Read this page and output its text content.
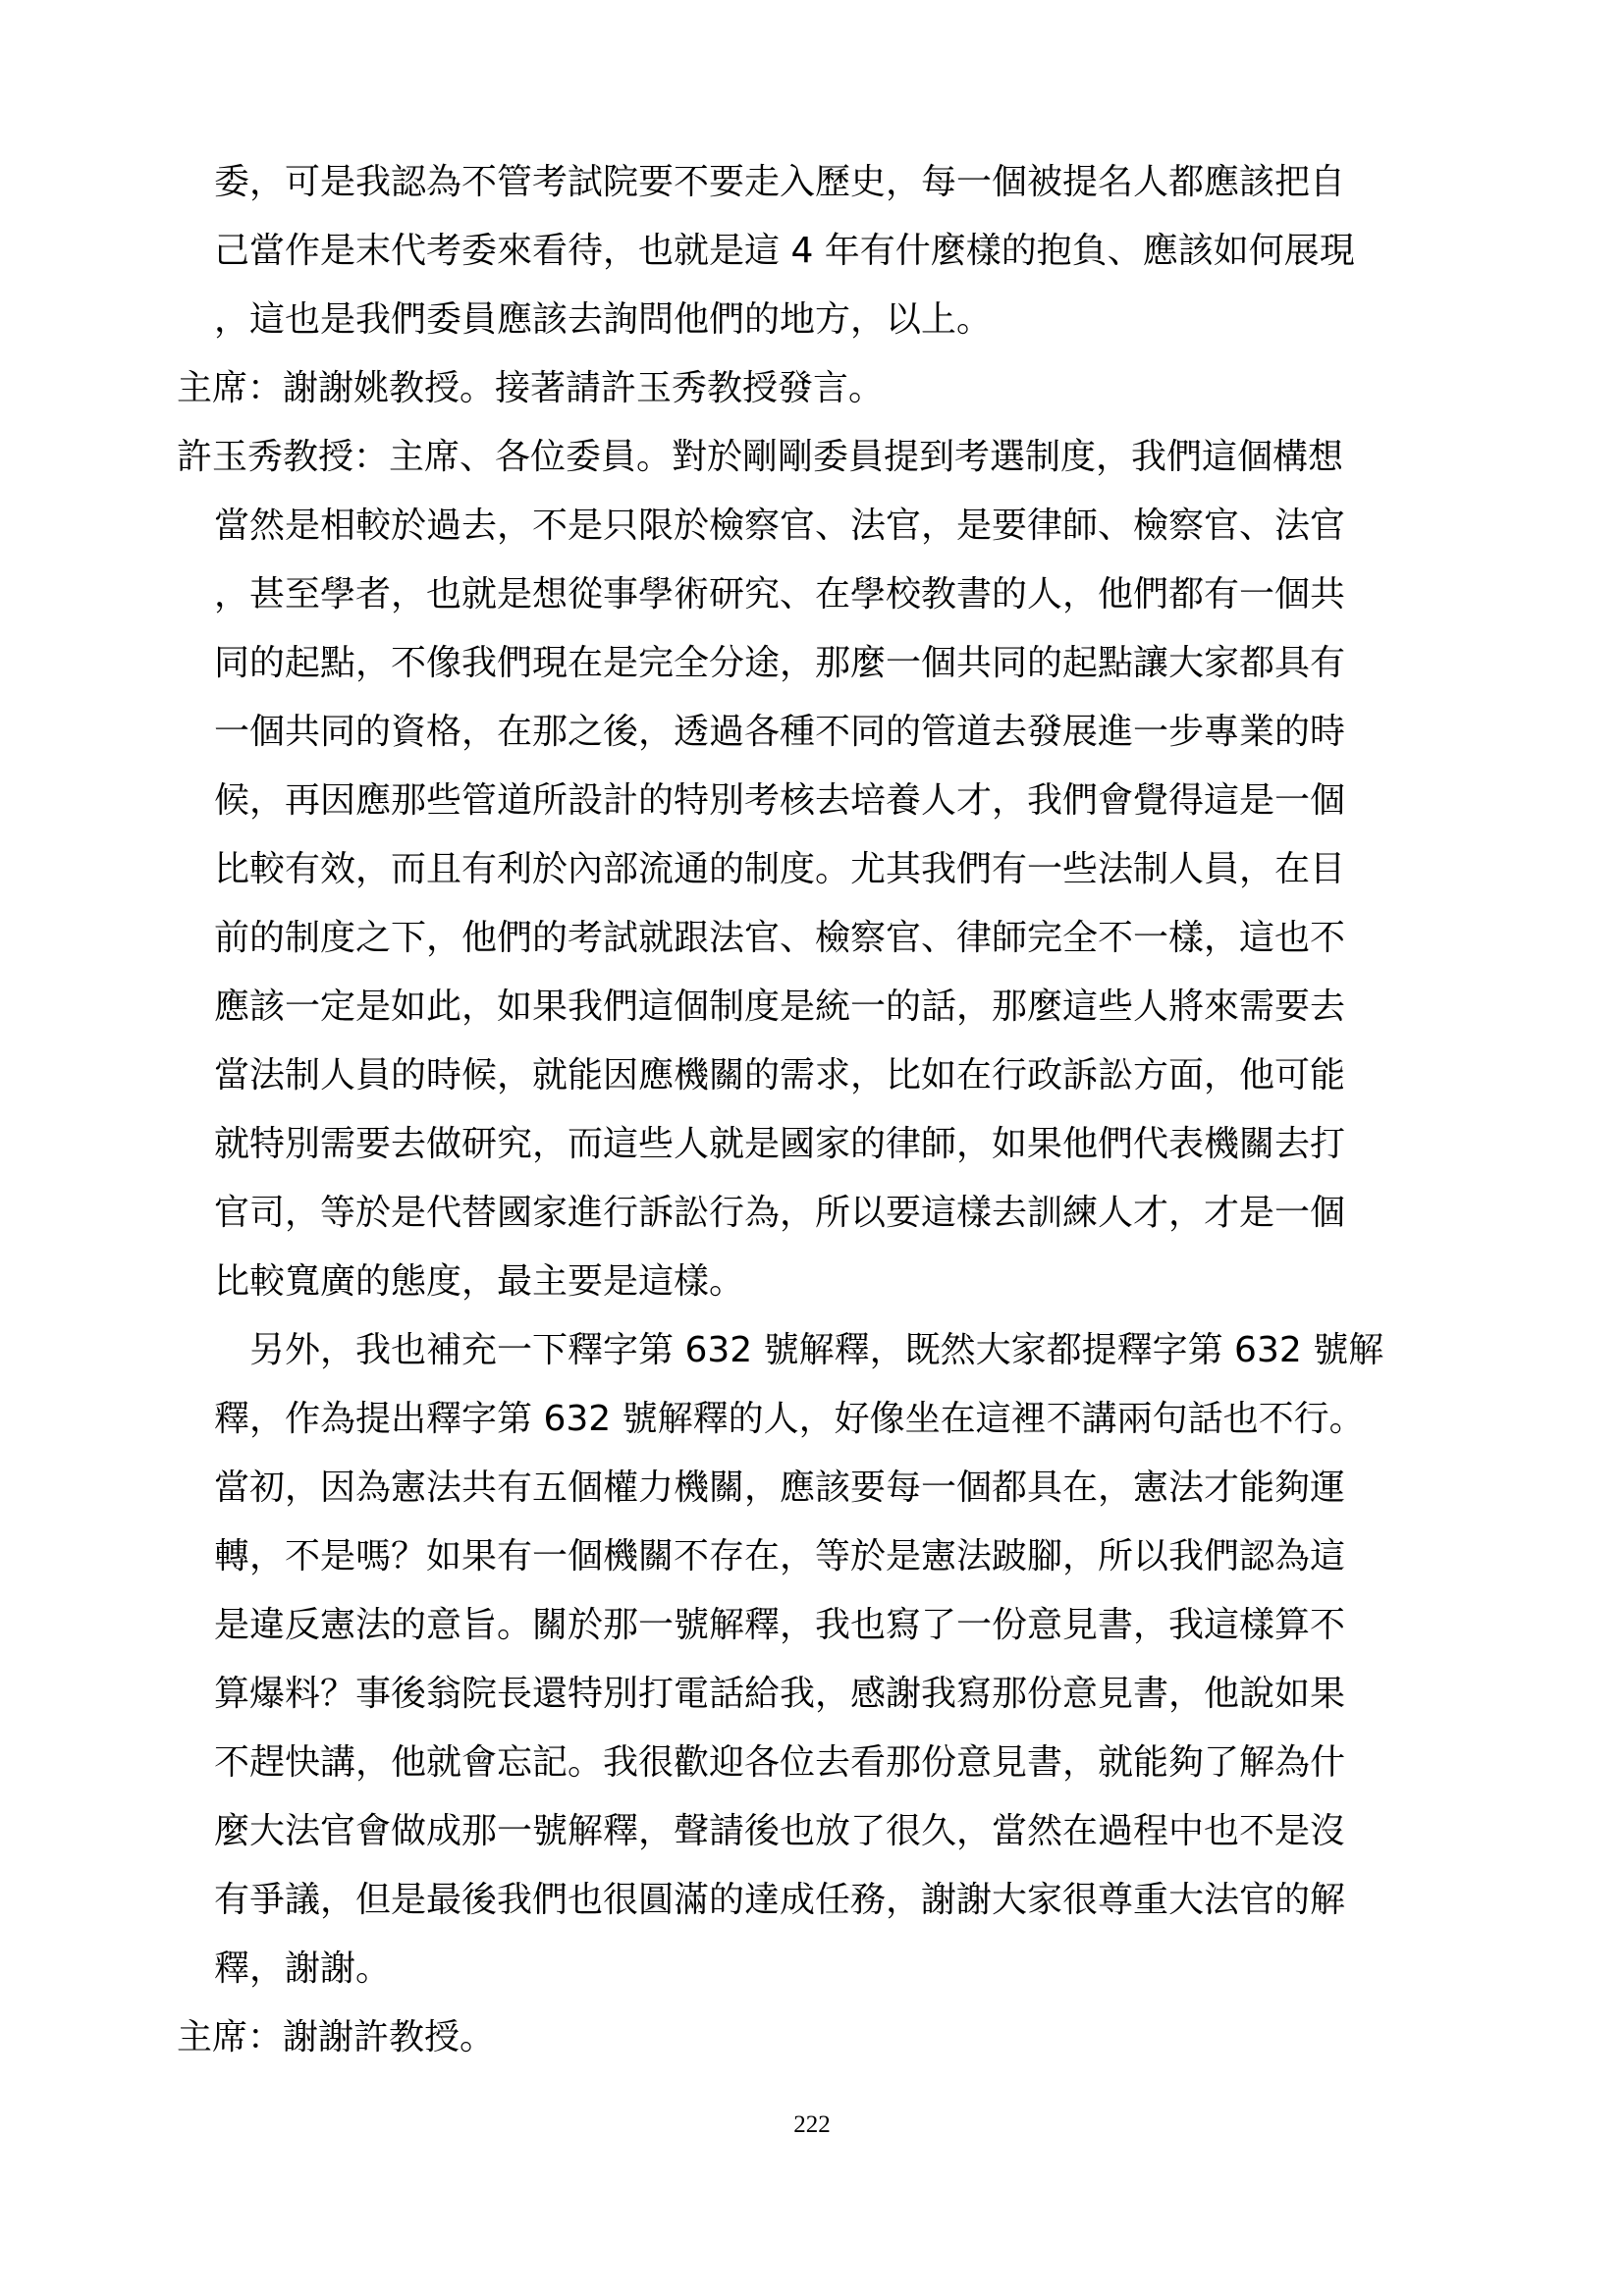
委，可是我認為不管考試院要不要走入歷史，每一個被提名人都應該把自
己當作是末代考委來看待，也就是這 4 年有什麼樣的抱負、應該如何展現
，這也是我們委員應該去詢問他們的地方，以上。
主席：謝謝姚教授。接著請許玉秀教授發言。
許玉秀教授：主席、各位委員。對於剛剛委員提到考選制度，我們這個構想
當然是相較於過去，不是只限於檢察官、法官，是要律師、檢察官、法官
，甚至學者，也就是想從事學術研究、在學校教書的人，他們都有一個共
同的起點，不像我們現在是完全分途，那麼一個共同的起點讓大家都具有
一個共同的資格，在那之後，透過各種不同的管道去發展進一步專業的時
候，再因應那些管道所設計的特別考核去培養人才，我們會覺得這是一個
比較有效，而且有利於內部流通的制度。尤其我們有一些法制人員，在目
前的制度之下，他們的考試就跟法官、檢察官、律師完全不一樣，這也不
應該一定是如此，如果我們這個制度是統一的話，那麼這些人將來需要去
當法制人員的時候，就能因應機關的需求，比如在行政訴訟方面，他可能
就特別需要去做研究，而這些人就是國家的律師，如果他們代表機關去打
官司，等於是代替國家進行訴訟行為，所以要這樣去訓練人才，才是一個
比較寬廣的態度，最主要是這樣。
另外，我也補充一下釋字第 632 號解釋，既然大家都提釋字第 632 號解
釋，作為提出釋字第 632 號解釋的人，好像坐在這裡不講兩句話也不行。
當初，因為憲法共有五個權力機關，應該要每一個都具在，憲法才能夠運
轉，不是嗎？如果有一個機關不存在，等於是憲法跛腳，所以我們認為這
是違反憲法的意旨。關於那一號解釋，我也寫了一份意見書，我這樣算不
算爆料？事後翁院長還特別打電話給我，感謝我寫那份意見書，他說如果
不趕快講，他就會忘記。我很歡迎各位去看那份意見書，就能夠了解為什
麼大法官會做成那一號解釋，聲請後也放了很久，當然在過程中也不是沒
有爭議，但是最後我們也很圓滿的達成任務，謝謝大家很尊重大法官的解
釋，謝謝。
主席：謝謝許教授。
222
